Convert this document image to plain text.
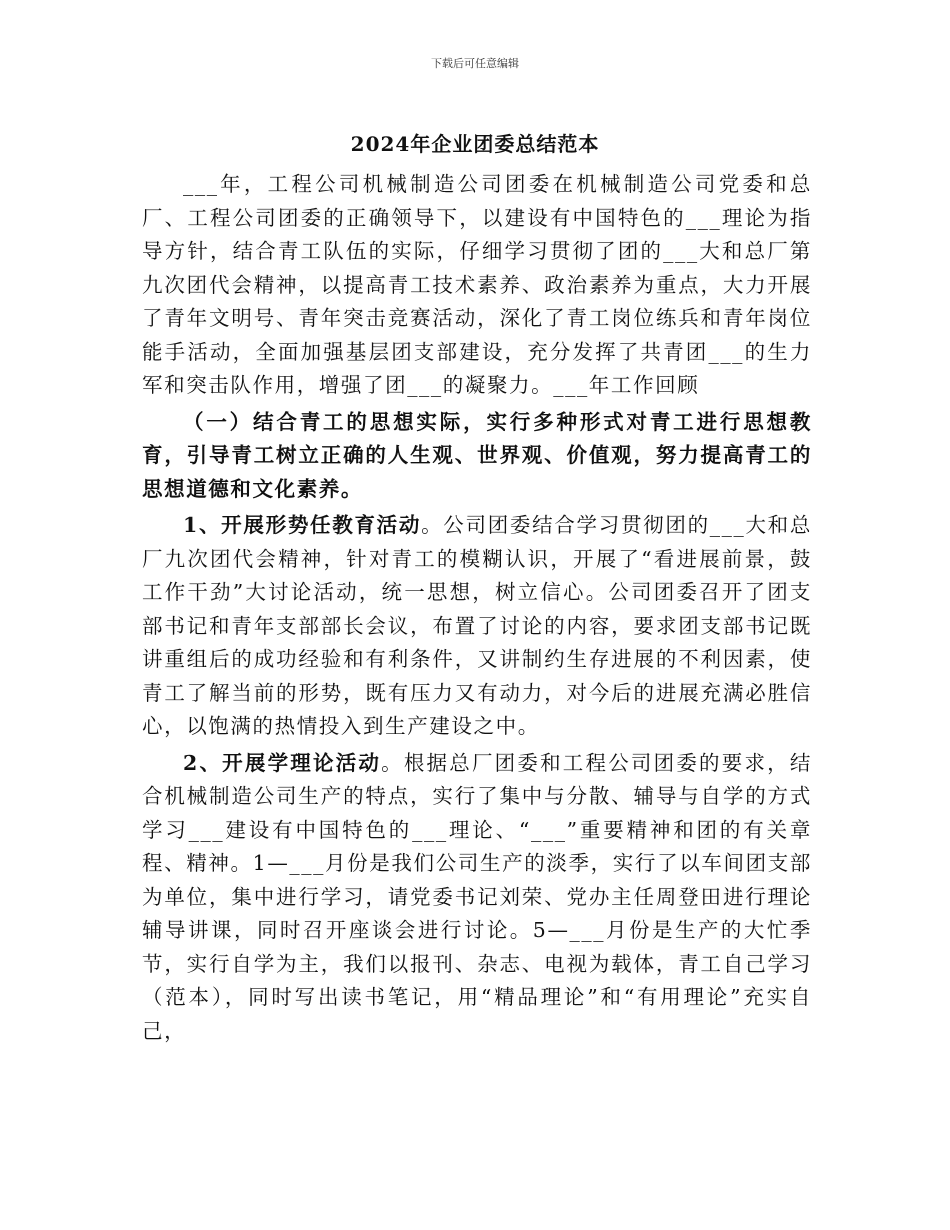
下载后可任意编辑
2024年企业团委总结范本

___年，工程公司机械制造公司团委在机械制造公司党委和总厂、工程公司团委的正确领导下，以建设有中国特色的___理论为指导方针，结合青工队伍的实际，仔细学习贯彻了团的___大和总厂第九次团代会精神，以提高青工技术素养、政治素养为重点，大力开展了青年文明号、青年突击竞赛活动，深化了青工岗位练兵和青年岗位能手活动，全面加强基层团支部建设，充分发挥了共青团___的生力军和突击队作用，增强了团___的凝聚力。___年工作回顾

（一）结合青工的思想实际，实行多种形式对青工进行思想教育，引导青工树立正确的人生观、世界观、价值观，努力提高青工的思想道德和文化素养。

1、开展形势任教育活动。公司团委结合学习贯彻团的___大和总厂九次团代会精神，针对青工的模糊认识，开展了“看进展前景，鼓工作干劲”大讨论活动，统一思想，树立信心。公司团委召开了团支部书记和青年支部部长会议，布置了讨论的内容，要求团支部书记既讲重组后的成功经验和有利条件，又讲制约生存进展的不利因素，使青工了解当前的形势，既有压力又有动力，对今后的进展充满必胜信心，以饱满的热情投入到生产建设之中。

2、开展学理论活动。根据总厂团委和工程公司团委的要求，结合机械制造公司生产的特点，实行了集中与分散、辅导与自学的方式学习___建设有中国特色的___理论、“___”重要精神和团的有关章程、精神。1—___月份是我们公司生产的淡季，实行了以车间团支部为单位，集中进行学习，请党委书记刘荣、党办主任周登田进行理论辅导讲课，同时召开座谈会进行讨论。5—___月份是生产的大忙季节，实行自学为主，我们以报刊、杂志、电视为载体，青工自己学习（范本），同时写出读书笔记，用“精品理论”和“有用理论”充实自己，
